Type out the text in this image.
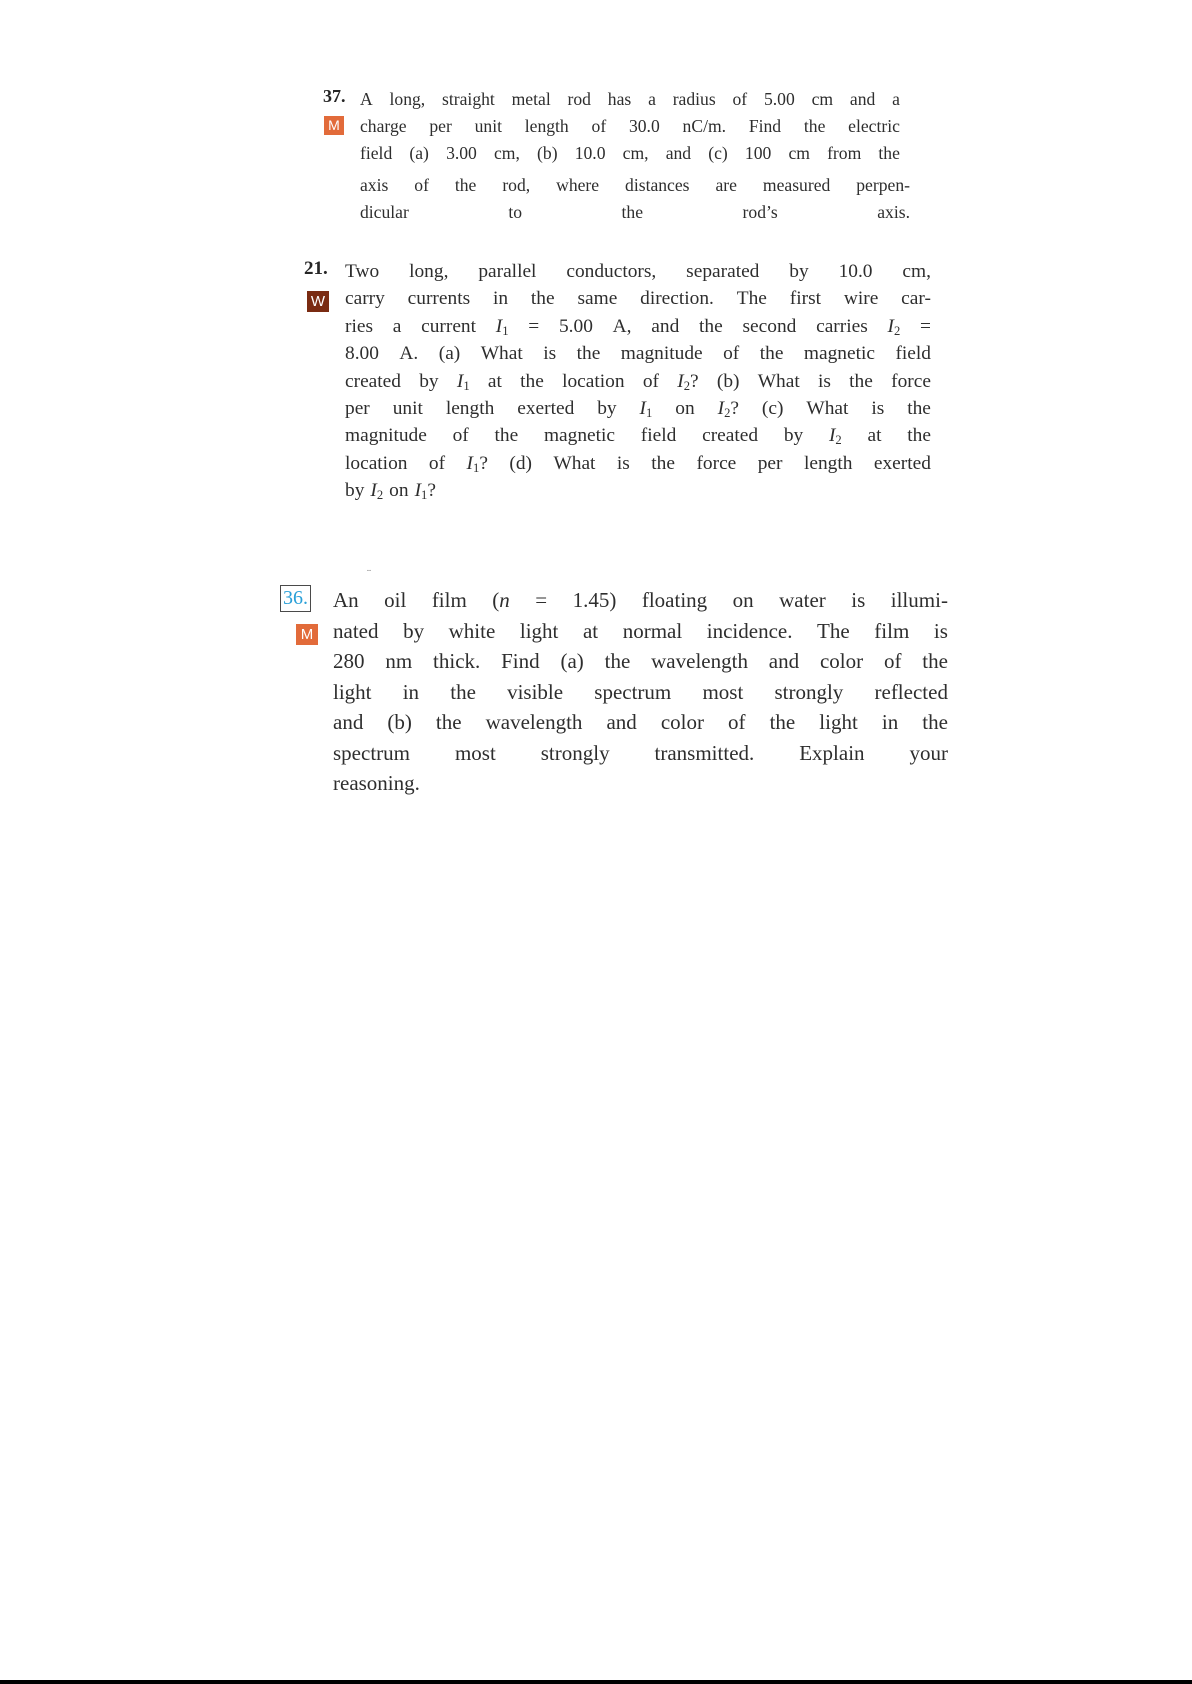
37.
M
A long, straight metal rod has a radius of 5.00 cm and a
charge per unit length of 30.0 nC/m. Find the electric
field (a) 3.00 cm, (b) 10.0 cm, and (c) 100 cm from the
axis of the rod, where distances are measured perpen-
dicular	to	the	rod’s	axis.
21.
W
Two long, parallel conductors, separated by 10.0 cm,
carry currents in the same direction. The first wire car-
ries a current $I_1 = 5.00$ A, and the second carries $I_2$ =
8.00 A. (a) What is the magnitude of the magnetic field
created by $I_1$ at the location of $I_2$? (b) What is the force
per unit length exerted by $I_1$ on $I_2$? (c) What is the
magnitude of the magnetic field created by $I_2$ at the
location of $I_1$? (d) What is the force per length exerted
by $I_2$ on $I_1$?
¨
36.
M
An oil film (n = 1.45) floating on water is illumi-
nated by white light at normal incidence. The film is
280 nm thick. Find (a) the wavelength and color of the
light in the visible spectrum most strongly reflected
and (b) the wavelength and color of the light in the
spectrum most strongly transmitted. Explain your
reasoning.
